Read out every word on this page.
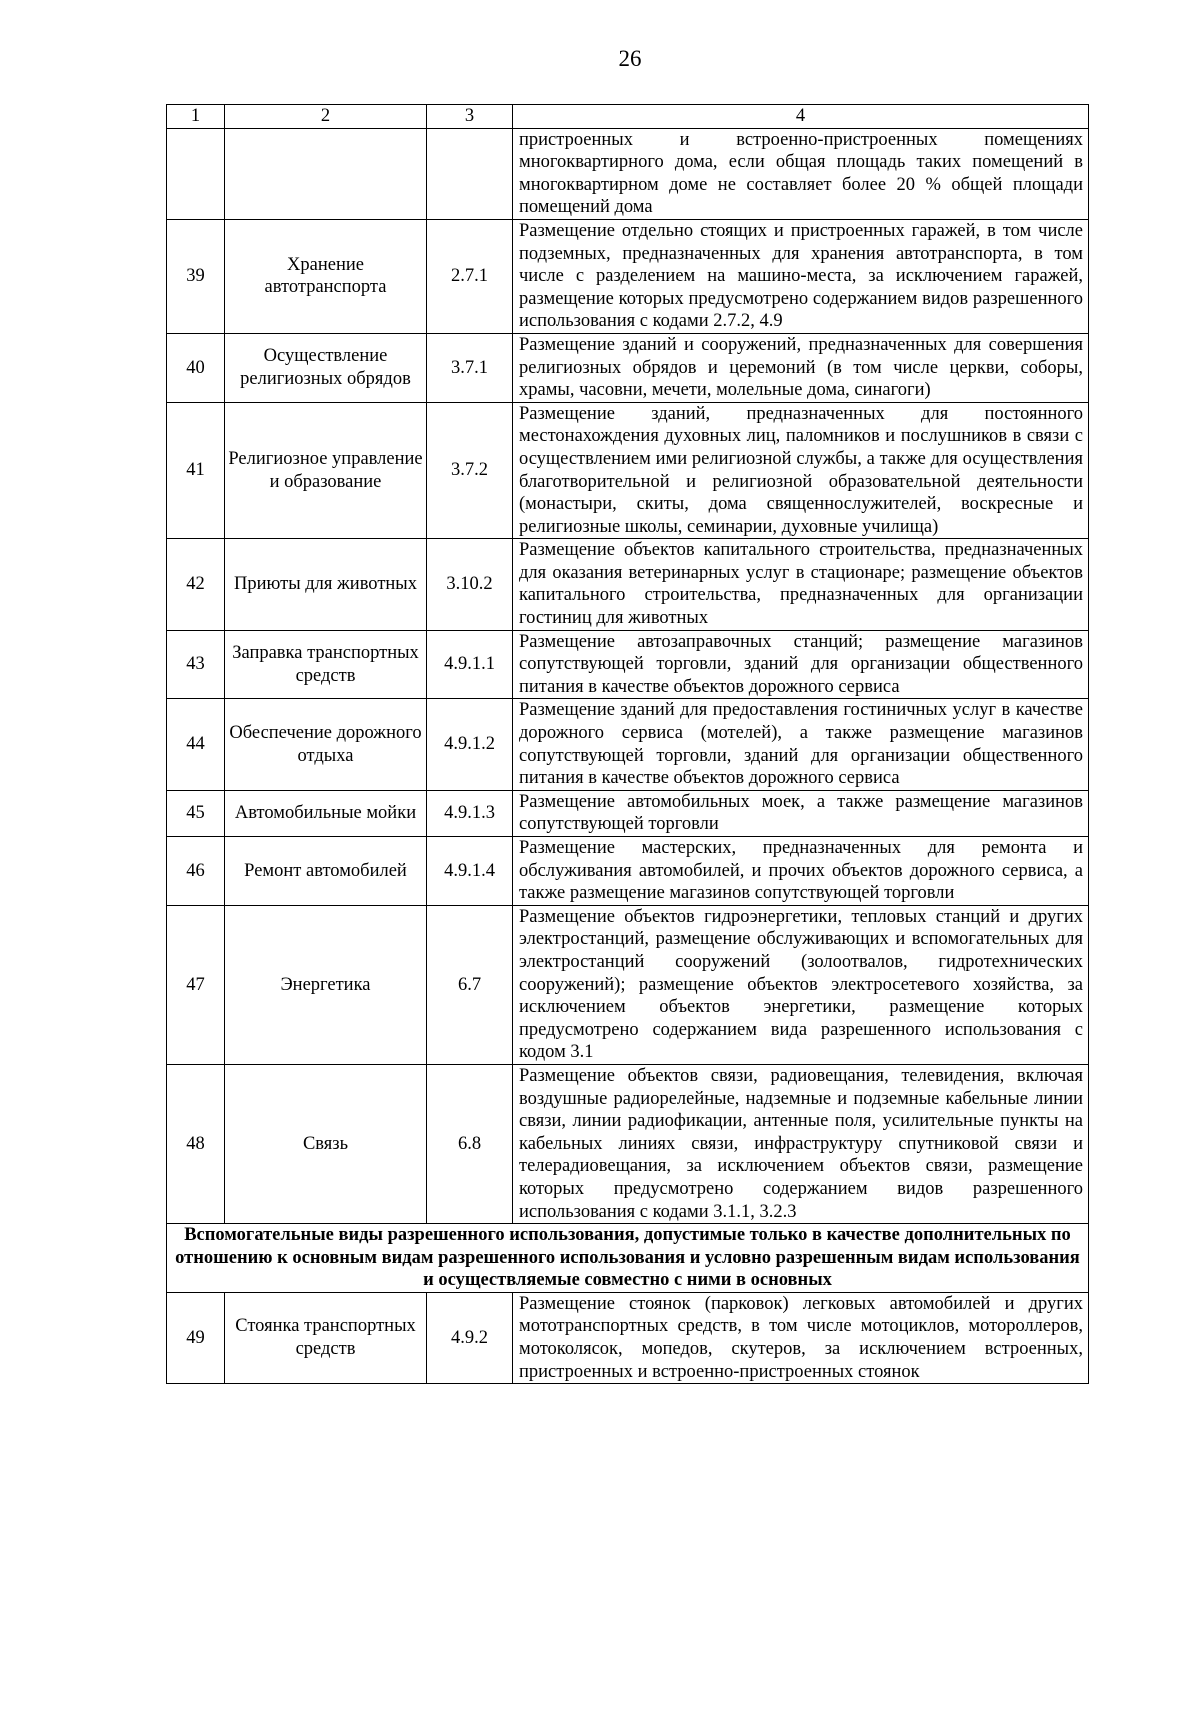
26
1	2	3	4
			пристроенных и встроенно-пристроенных помещениях многоквартирного дома, если общая площадь таких помещений в многоквартирном доме не составляет более 20 % общей площади помещений дома
39	Хранение автотранспорта	2.7.1	Размещение отдельно стоящих и пристроенных гаражей, в том числе подземных, предназначенных для хранения автотранспорта, в том числе с разделением на машино-места, за исключением гаражей, размещение которых предусмотрено содержанием видов разрешенного использования с кодами 2.7.2, 4.9
40	Осуществление религиозных обрядов	3.7.1	Размещение зданий и сооружений, предназначенных для совершения религиозных обрядов и церемоний (в том числе церкви, соборы, храмы, часовни, мечети, молельные дома, синагоги)
41	Религиозное управление и образование	3.7.2	Размещение зданий, предназначенных для постоянного местонахождения духовных лиц, паломников и послушников в связи с осуществлением ими религиозной службы, а также для осуществления благотворительной и религиозной образовательной деятельности (монастыри, скиты, дома священнослужителей, воскресные и религиозные школы, семинарии, духовные училища)
42	Приюты для животных	3.10.2	Размещение объектов капитального строительства, предназначенных для оказания ветеринарных услуг в стационаре; размещение объектов капитального строительства, предназначенных для организации гостиниц для животных
43	Заправка транспортных средств	4.9.1.1	Размещение автозаправочных станций; размещение магазинов сопутствующей торговли, зданий для организации общественного питания в качестве объектов дорожного сервиса
44	Обеспечение дорожного отдыха	4.9.1.2	Размещение зданий для предоставления гостиничных услуг в качестве дорожного сервиса (мотелей), а также размещение магазинов сопутствующей торговли, зданий для организации общественного питания в качестве объектов дорожного сервиса
45	Автомобильные мойки	4.9.1.3	Размещение автомобильных моек, а также размещение магазинов сопутствующей торговли
46	Ремонт автомобилей	4.9.1.4	Размещение мастерских, предназначенных для ремонта и обслуживания автомобилей, и прочих объектов дорожного сервиса, а также размещение магазинов сопутствующей торговли
47	Энергетика	6.7	Размещение объектов гидроэнергетики, тепловых станций и других электростанций, размещение обслуживающих и вспомогательных для электростанций сооружений (золоотвалов, гидротехнических сооружений); размещение объектов электросетевого хозяйства, за исключением объектов энергетики, размещение которых предусмотрено содержанием вида разрешенного использования с кодом 3.1
48	Связь	6.8	Размещение объектов связи, радиовещания, телевидения, включая воздушные радиорелейные, надземные и подземные кабельные линии связи, линии радиофикации, антенные поля, усилительные пункты на кабельных линиях связи, инфраструктуру спутниковой связи и телерадиовещания, за исключением объектов связи, размещение которых предусмотрено содержанием видов разрешенного использования с кодами 3.1.1, 3.2.3
Вспомогательные виды разрешенного использования, допустимые только в качестве дополнительных по отношению к основным видам разрешенного использования и условно разрешенным видам использования и осуществляемые совместно с ними в основных			
49	Стоянка транспортных средств	4.9.2	Размещение стоянок (парковок) легковых автомобилей и других мототранспортных средств, в том числе мотоциклов, мотороллеров, мотоколясок, мопедов, скутеров, за исключением встроенных, пристроенных и встроенно-пристроенных стоянок
